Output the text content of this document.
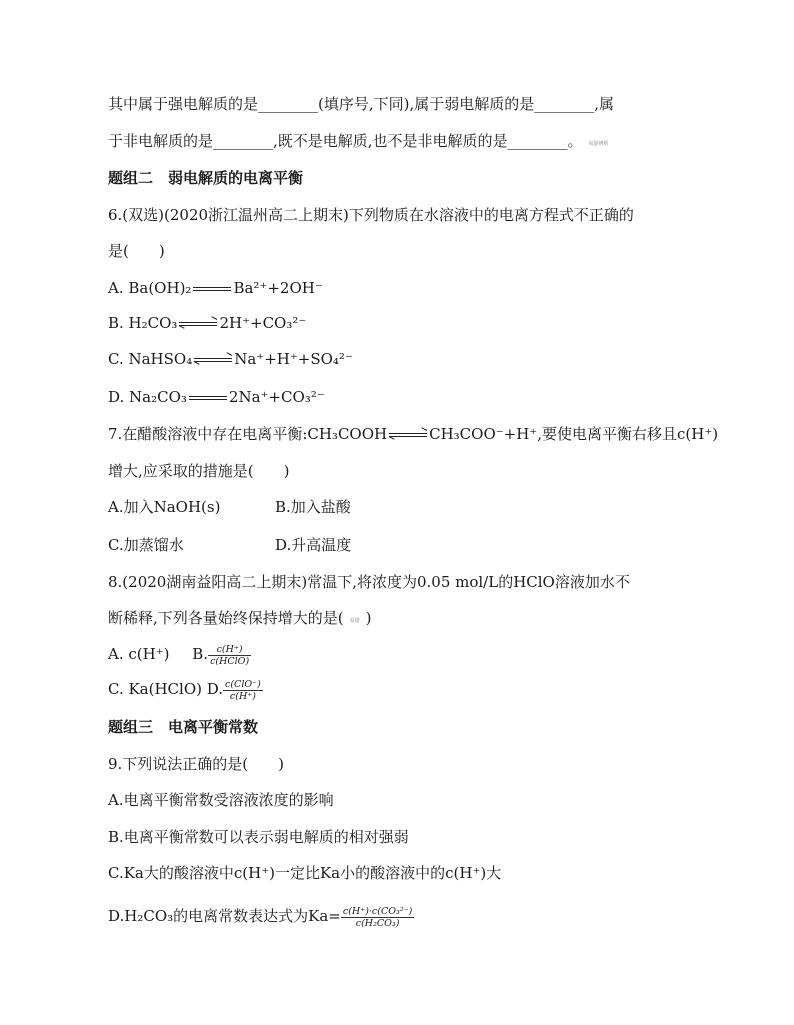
其中属于强电解质的是________(填序号,下同),属于弱电解质的是________,属
于非电解质的是________,既不是电解质,也不是非电解质的是________。 易混辨析
题组二　弱电解质的电离平衡
6.(双选)(2020浙江温州高二上期末)下列物质在水溶液中的电离方程式不正确的
是(　　)
A. Ba(OH)₂	Ba²⁺+2OH⁻
B. H₂CO₃	2H⁺+CO₃²⁻
C. NaHSO₄	Na⁺+H⁺+SO₄²⁻
D. Na₂CO₃	2Na⁺+CO₃²⁻
7.在醋酸溶液中存在电离平衡:CH₃COOH	CH₃COO⁻+H⁺,要使电离平衡右移且c(H⁺)
增大,应采取的措施是(　　)
A.加入NaOH(s)	B.加入盐酸
C.加蒸馏水	D.升高温度
8.(2020湖南益阳高二上期末)常温下,将浓度为0.05 mol/L的HClO溶液加水不
断稀释,下列各量始终保持增大的是( 易错 )
A. c(H⁺) B. $\frac{c(H^+)}{\text{c(HClO)}}$
C. Ka(HClO) D. $\frac{\text{c(ClO⁻)}}{c(H^+)}$
题组三　电离平衡常数
9.下列说法正确的是(　　)
A.电离平衡常数受溶液浓度的影响
B.电离平衡常数可以表示弱电解质的相对强弱
C.Ka大的酸溶液中c(H⁺)一定比Ka小的酸溶液中的c(H⁺)大
D.H₂CO₃的电离常数表达式为$Ka= \frac{\text{c(H⁺)·c(CO₃²⁻)}}{\text{c(H₂CO₃)}}$
